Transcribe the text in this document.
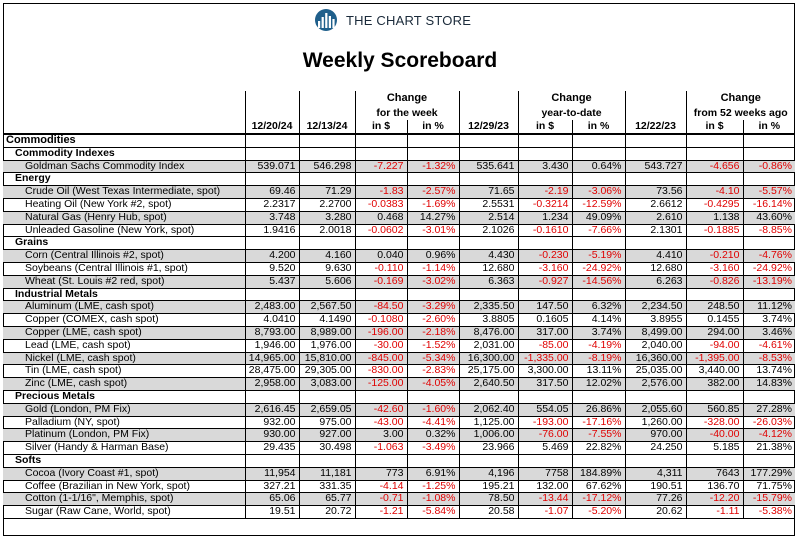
THE CHART STORE
Weekly Scoreboard
			Change			Change			Change	
			for the week			year-to-date			from 52 weeks ago	
	12/20/24	12/13/24	in $	in %	12/29/23	in $	in %	12/22/23	in $	in %
Commodities										
Commodity Indexes										
Goldman Sachs Commodity Index	539.071	546.298	-7.227	-1.32%	535.641	3.430	0.64%	543.727	-4.656	-0.86%
Energy										
Crude Oil (West Texas Intermediate, spot)	69.46	71.29	-1.83	-2.57%	71.65	-2.19	-3.06%	73.56	-4.10	-5.57%
Heating Oil (New York #2, spot)	2.2317	2.2700	-0.0383	-1.69%	2.5531	-0.3214	-12.59%	2.6612	-0.4295	-16.14%
Natural Gas (Henry Hub, spot)	3.748	3.280	0.468	14.27%	2.514	1.234	49.09%	2.610	1.138	43.60%
Unleaded Gasoline (New York, spot)	1.9416	2.0018	-0.0602	-3.01%	2.1026	-0.1610	-7.66%	2.1301	-0.1885	-8.85%
Grains										
Corn (Central Illinois #2, spot)	4.200	4.160	0.040	0.96%	4.430	-0.230	-5.19%	4.410	-0.210	-4.76%
Soybeans (Central Illinois #1, spot)	9.520	9.630	-0.110	-1.14%	12.680	-3.160	-24.92%	12.680	-3.160	-24.92%
Wheat (St. Louis #2 red, spot)	5.437	5.606	-0.169	-3.02%	6.363	-0.927	-14.56%	6.263	-0.826	-13.19%
Industrial Metals										
Aluminum (LME, cash spot)	2,483.00	2,567.50	-84.50	-3.29%	2,335.50	147.50	6.32%	2,234.50	248.50	11.12%
Copper (COMEX, cash spot)	4.0410	4.1490	-0.1080	-2.60%	3.8805	0.1605	4.14%	3.8955	0.1455	3.74%
Copper (LME, cash spot)	8,793.00	8,989.00	-196.00	-2.18%	8,476.00	317.00	3.74%	8,499.00	294.00	3.46%
Lead (LME, cash spot)	1,946.00	1,976.00	-30.00	-1.52%	2,031.00	-85.00	-4.19%	2,040.00	-94.00	-4.61%
Nickel (LME, cash spot)	14,965.00	15,810.00	-845.00	-5.34%	16,300.00	-1,335.00	-8.19%	16,360.00	-1,395.00	-8.53%
Tin (LME, cash spot)	28,475.00	29,305.00	-830.00	-2.83%	25,175.00	3,300.00	13.11%	25,035.00	3,440.00	13.74%
Zinc (LME, cash spot)	2,958.00	3,083.00	-125.00	-4.05%	2,640.50	317.50	12.02%	2,576.00	382.00	14.83%
Precious Metals										
Gold (London, PM Fix)	2,616.45	2,659.05	-42.60	-1.60%	2,062.40	554.05	26.86%	2,055.60	560.85	27.28%
Palladium (NY, spot)	932.00	975.00	-43.00	-4.41%	1,125.00	-193.00	-17.16%	1,260.00	-328.00	-26.03%
Platinum (London, PM Fix)	930.00	927.00	3.00	0.32%	1,006.00	-76.00	-7.55%	970.00	-40.00	-4.12%
Silver (Handy & Harman Base)	29.435	30.498	-1.063	-3.49%	23.966	5.469	22.82%	24.250	5.185	21.38%
Softs										
Cocoa (Ivory Coast #1, spot)	11,954	11,181	773	6.91%	4,196	7758	184.89%	4,311	7643	177.29%
Coffee (Brazilian in New York, spot)	327.21	331.35	-4.14	-1.25%	195.21	132.00	67.62%	190.51	136.70	71.75%
Cotton (1-1/16", Memphis, spot)	65.06	65.77	-0.71	-1.08%	78.50	-13.44	-17.12%	77.26	-12.20	-15.79%
Sugar (Raw Cane, World, spot)	19.51	20.72	-1.21	-5.84%	20.58	-1.07	-5.20%	20.62	-1.11	-5.38%
